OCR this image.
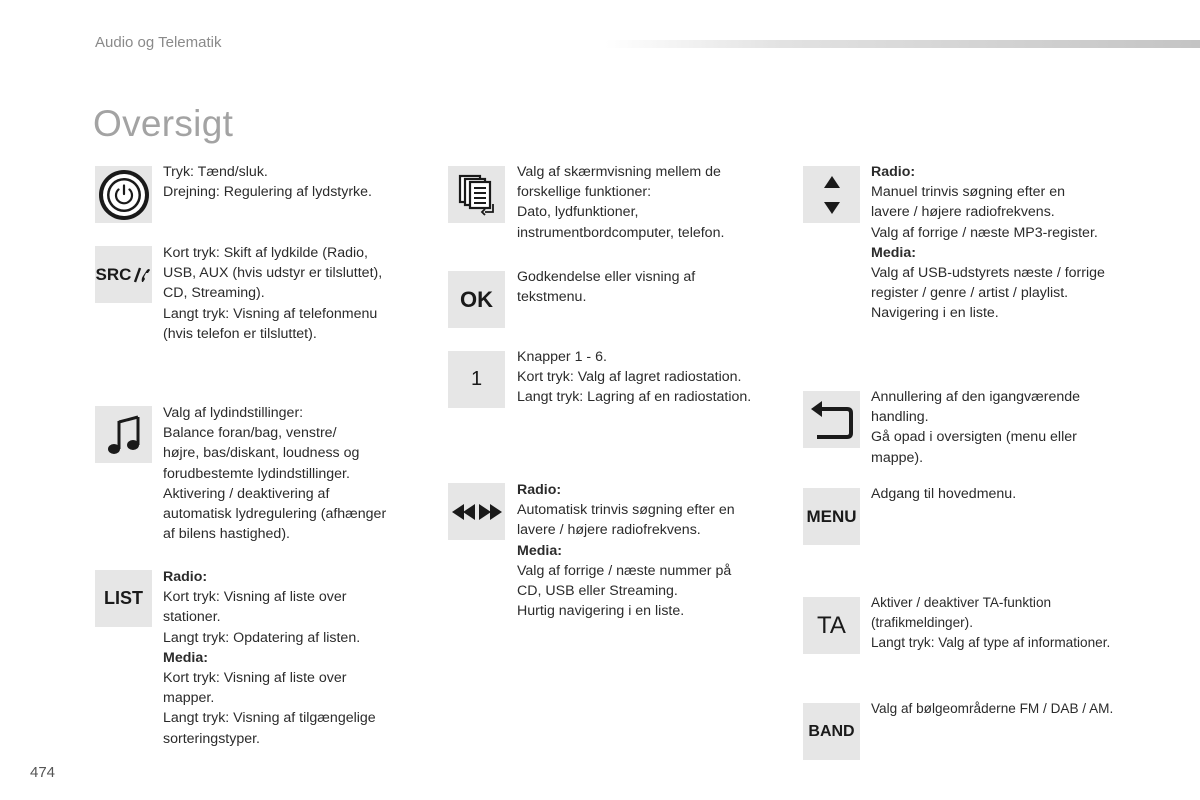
Audio og Telematik
Oversigt
Tryk: Tænd/sluk.
Drejning: Regulering af lydstyrke.
SRC
Kort tryk: Skift af lydkilde (Radio,
USB, AUX (hvis udstyr er tilsluttet),
CD, Streaming).
Langt tryk: Visning af telefonmenu
(hvis telefon er tilsluttet).
Valg af lydindstillinger:
Balance foran/bag, venstre/
højre, bas/diskant, loudness og
forudbestemte lydindstillinger.
Aktivering / deaktivering af
automatisk lydregulering (afhænger
af bilens hastighed).
LIST
Radio:
Kort tryk: Visning af liste over
stationer.
Langt tryk: Opdatering af listen.
Media:
Kort tryk: Visning af liste over
mapper.
Langt tryk: Visning af tilgængelige
sorteringstyper.
Valg af skærmvisning mellem de
forskellige funktioner:
Dato, lydfunktioner,
instrumentbordcomputer, telefon.
OK
Godkendelse eller visning af
tekstmenu.
1
Knapper 1 - 6.
Kort tryk: Valg af lagret radiostation.
Langt tryk: Lagring af en radiostation.
Radio:
Automatisk trinvis søgning efter en
lavere / højere radiofrekvens.
Media:
Valg af forrige / næste nummer på
CD, USB eller Streaming.
Hurtig navigering i en liste.
Radio:
Manuel trinvis søgning efter en
lavere / højere radiofrekvens.
Valg af forrige / næste MP3-register.
Media:
Valg af USB-udstyrets næste / forrige
register / genre / artist / playlist.
Navigering i en liste.
Annullering af den igangværende
handling.
Gå opad i oversigten (menu eller
mappe).
MENU
Adgang til hovedmenu.
TA
Aktiver / deaktiver TA-funktion
(trafikmeldinger).
Langt tryk: Valg af type af informationer.
BAND
Valg af bølgeområderne FM / DAB / AM.
474
